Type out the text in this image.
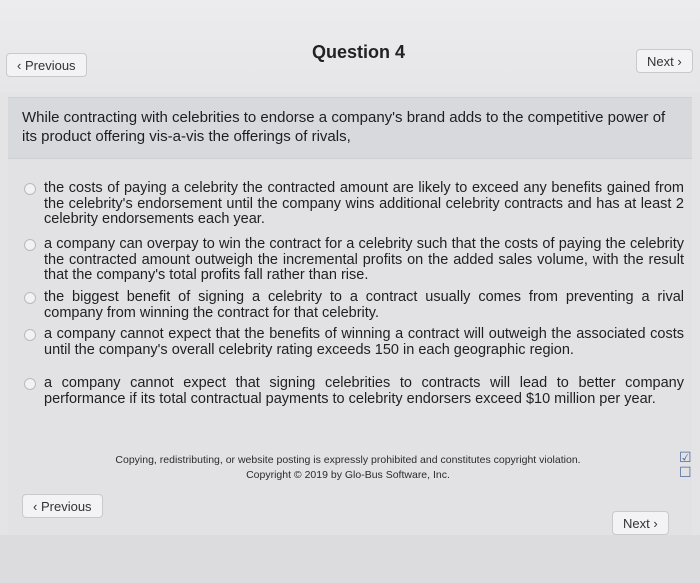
‹ Previous
Question 4	Next ›
While contracting with celebrities to endorse a company's brand adds to the competitive power of its product offering vis-a-vis the offerings of rivals,
the costs of paying a celebrity the contracted amount are likely to exceed any benefits gained from the celebrity's endorsement until the company wins additional celebrity contracts and has at least 2 celebrity endorsements each year.
a company can overpay to win the contract for a celebrity such that the costs of paying the celebrity the contracted amount outweigh the incremental profits on the added sales volume, with the result that the company's total profits fall rather than rise.
the biggest benefit of signing a celebrity to a contract usually comes from preventing a rival company from winning the contract for that celebrity.
a company cannot expect that the benefits of winning a contract will outweigh the associated costs until the company's overall celebrity rating exceeds 150 in each geographic region.
a company cannot expect that signing celebrities to contracts will lead to better company performance if its total contractual payments to celebrity endorsers exceed $10 million per year.
Copying, redistributing, or website posting is expressly prohibited and constitutes copyright violation.
Copyright © 2019 by Glo-Bus Software, Inc.
☑
☐
‹ Previous
Next ›
